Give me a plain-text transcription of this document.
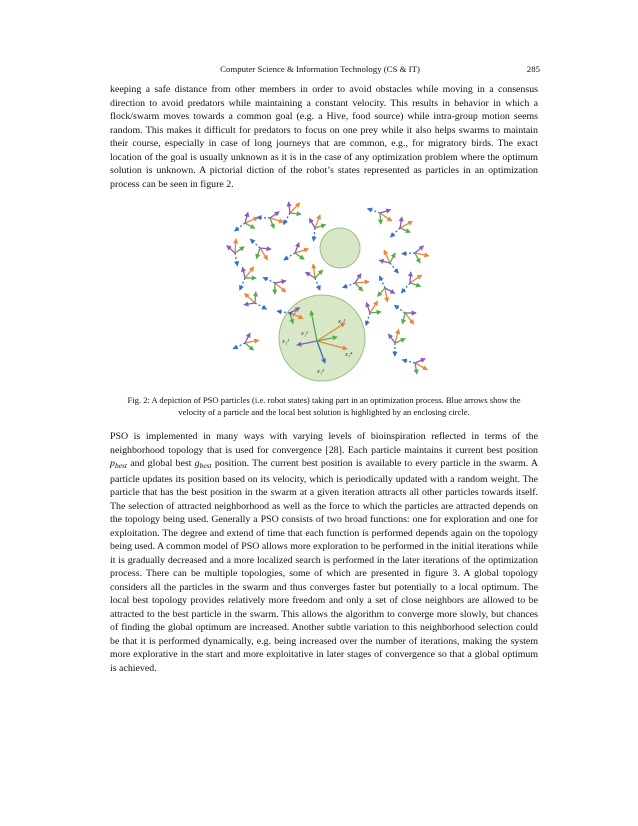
Computer Science & Information Technology (CS & IT)	285

keeping a safe distance from other members in order to avoid obstacles while moving in a consensus direction to avoid predators while maintaining a constant velocity. This results in behavior in which a flock/swarm moves towards a common goal (e.g. a Hive, food source) while intra-group motion seems random. This makes it difficult for predators to focus on one prey while it also helps swarms to maintain their course, especially in case of long journeys that are common, e.g., for migratory birds. The exact location of the goal is usually unknown as it is in the case of any optimization problem where the optimum solution is unknown. A pictorial diction of the robot’s states represented as particles in an optimization process can be seen in figure 2.

x₁²
x₁¹
x₁³
x₁⁴
x₁⁵
x₁⁶

Fig. 2: A depiction of PSO particles (i.e. robot states) taking part in an optimization process. Blue arrows show the velocity of a particle and the local best solution is highlighted by an enclosing circle.

PSO is implemented in many ways with varying levels of bioinspiration reflected in terms of the neighborhood topology that is used for convergence [28]. Each particle maintains it current best position $p_{best}$ and global best $g_{best}$ position. The current best position is available to every particle in the swarm. A particle updates its position based on its velocity, which is periodically updated with a random weight. The particle that has the best position in the swarm at a given iteration attracts all other particles towards itself. The selection of attracted neighborhood as well as the force to which the particles are attracted depends on the topology being used. Generally a PSO consists of two broad functions: one for exploration and one for exploitation. The degree and extend of time that each function is performed depends again on the topology being used. A common model of PSO allows more exploration to be performed in the initial iterations while it is gradually decreased and a more localized search is performed in the later iterations of the optimization process. There can be multiple topologies, some of which are presented in figure 3. A global topology considers all the particles in the swarm and thus converges faster but potentially to a local optimum. The local best topology provides relatively more freedom and only a set of close neighbors are allowed to be attracted to the best particle in the swarm. This allows the algorithm to converge more slowly, but chances of finding the global optimum are increased. Another subtle variation to this neighborhood selection could be that it is performed dynamically, e.g. being increased over the number of iterations, making the system more explorative in the start and more exploitative in later stages of convergence so that a global optimum is achieved.
